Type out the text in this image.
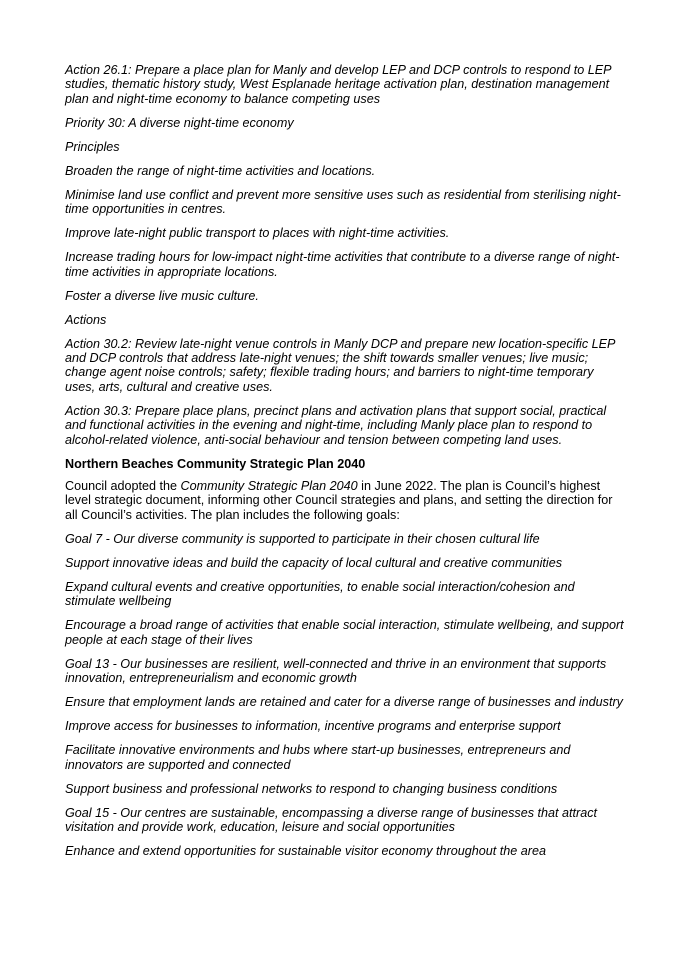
Action 26.1: Prepare a place plan for Manly and develop LEP and DCP controls to respond to LEP studies, thematic history study, West Esplanade heritage activation plan, destination management plan and night-time economy to balance competing uses

Priority 30: A diverse night-time economy

Principles

Broaden the range of night-time activities and locations.

Minimise land use conflict and prevent more sensitive uses such as residential from sterilising night-time opportunities in centres.

Improve late-night public transport to places with night-time activities.

Increase trading hours for low-impact night-time activities that contribute to a diverse range of night-time activities in appropriate locations.

Foster a diverse live music culture.

Actions

Action 30.2: Review late-night venue controls in Manly DCP and prepare new location-specific LEP and DCP controls that address late-night venues; the shift towards smaller venues; live music; change agent noise controls; safety; flexible trading hours; and barriers to night-time temporary uses, arts, cultural and creative uses.

Action 30.3: Prepare place plans, precinct plans and activation plans that support social, practical and functional activities in the evening and night-time, including Manly place plan to respond to alcohol-related violence, anti-social behaviour and tension between competing land uses.

Northern Beaches Community Strategic Plan 2040

Council adopted the Community Strategic Plan 2040 in June 2022. The plan is Council’s highest level strategic document, informing other Council strategies and plans, and setting the direction for all Council’s activities. The plan includes the following goals:

Goal 7 - Our diverse community is supported to participate in their chosen cultural life

Support innovative ideas and build the capacity of local cultural and creative communities

Expand cultural events and creative opportunities, to enable social interaction/cohesion and stimulate wellbeing

Encourage a broad range of activities that enable social interaction, stimulate wellbeing, and support people at each stage of their lives

Goal 13 - Our businesses are resilient, well-connected and thrive in an environment that supports innovation, entrepreneurialism and economic growth

Ensure that employment lands are retained and cater for a diverse range of businesses and industry

Improve access for businesses to information, incentive programs and enterprise support

Facilitate innovative environments and hubs where start-up businesses, entrepreneurs and innovators are supported and connected

Support business and professional networks to respond to changing business conditions

Goal 15 - Our centres are sustainable, encompassing a diverse range of businesses that attract visitation and provide work, education, leisure and social opportunities

Enhance and extend opportunities for sustainable visitor economy throughout the area
